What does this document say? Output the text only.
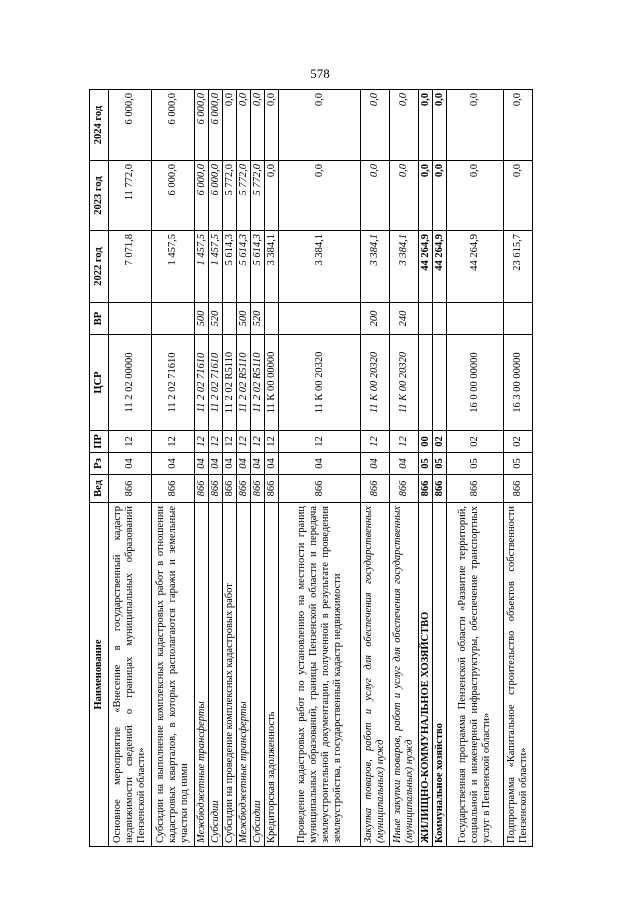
578
Наименование	Вед	Рз	ПР	ЦСР	ВР	2022 год	2023 год	2024 год
Основное мероприятие «Внесение в государственный кадастр недвижимости сведений о границах муниципальных образований Пензенской области»	866	04	12	11 2 02 00000		7 071,8	11 772,0	6 000,0
Субсидии на выполнение комплексных кадастровых работ в отношении кадастровых кварталов, в которых располагаются гаражи и земельные участки под ними	866	04	12	11 2 02 71610		1 457,5	6 000,0	6 000,0
Межбюджетные трансферты	866	04	12	11 2 02 71610	500	1 457,5	6 000,0	6 000,0
Субсидии	866	04	12	11 2 02 71610	520	1 457,5	6 000,0	6 000,0
Субсидии на проведение комплексных кадастровых работ	866	04	12	11 2 02 R5110		5 614,3	5 772,0	0,0
Межбюджетные трансферты	866	04	12	11 2 02 R5110	500	5 614,3	5 772,0	0,0
Субсидии	866	04	12	11 2 02 R5110	520	5 614,3	5 772,0	0,0
Кредиторская задолженность	866	04	12	11 К 00 00000		3 384,1	0,0	0,0
Проведение кадастровых работ по установлению на местности границ муниципальных образований, границы Пензенской области и передача землеустроительной документации, полученной в результате проведения землеустройства, в государственный кадастр недвижимости	866	04	12	11 К 00 20320		3 384,1	0,0	0,0
Закупка товаров, работ и услуг для обеспечения государственных (муниципальных) нужд	866	04	12	11 К 00 20320	200	3 384,1	0,0	0,0
Иные закупки товаров, работ и услуг для обеспечения государственных (муниципальных) нужд	866	04	12	11 К 00 20320	240	3 384,1	0,0	0,0
ЖИЛИЩНО-КОММУНАЛЬНОЕ ХОЗЯЙСТВО	866	05	00			44 264,9	0,0	0,0
Коммунальное хозяйство	866	05	02			44 264,9	0,0	0,0
Государственная программа Пензенской области «Развитие территорий, социальной и инженерной инфраструктуры, обеспечение транспортных услуг в Пензенской области»	866	05	02	16 0 00 00000		44 264,9	0,0	0,0
Подпрограмма «Капитальное строительство объектов собственности Пензенской области»	866	05	02	16 3 00 00000		23 615,7	0,0	0,0
